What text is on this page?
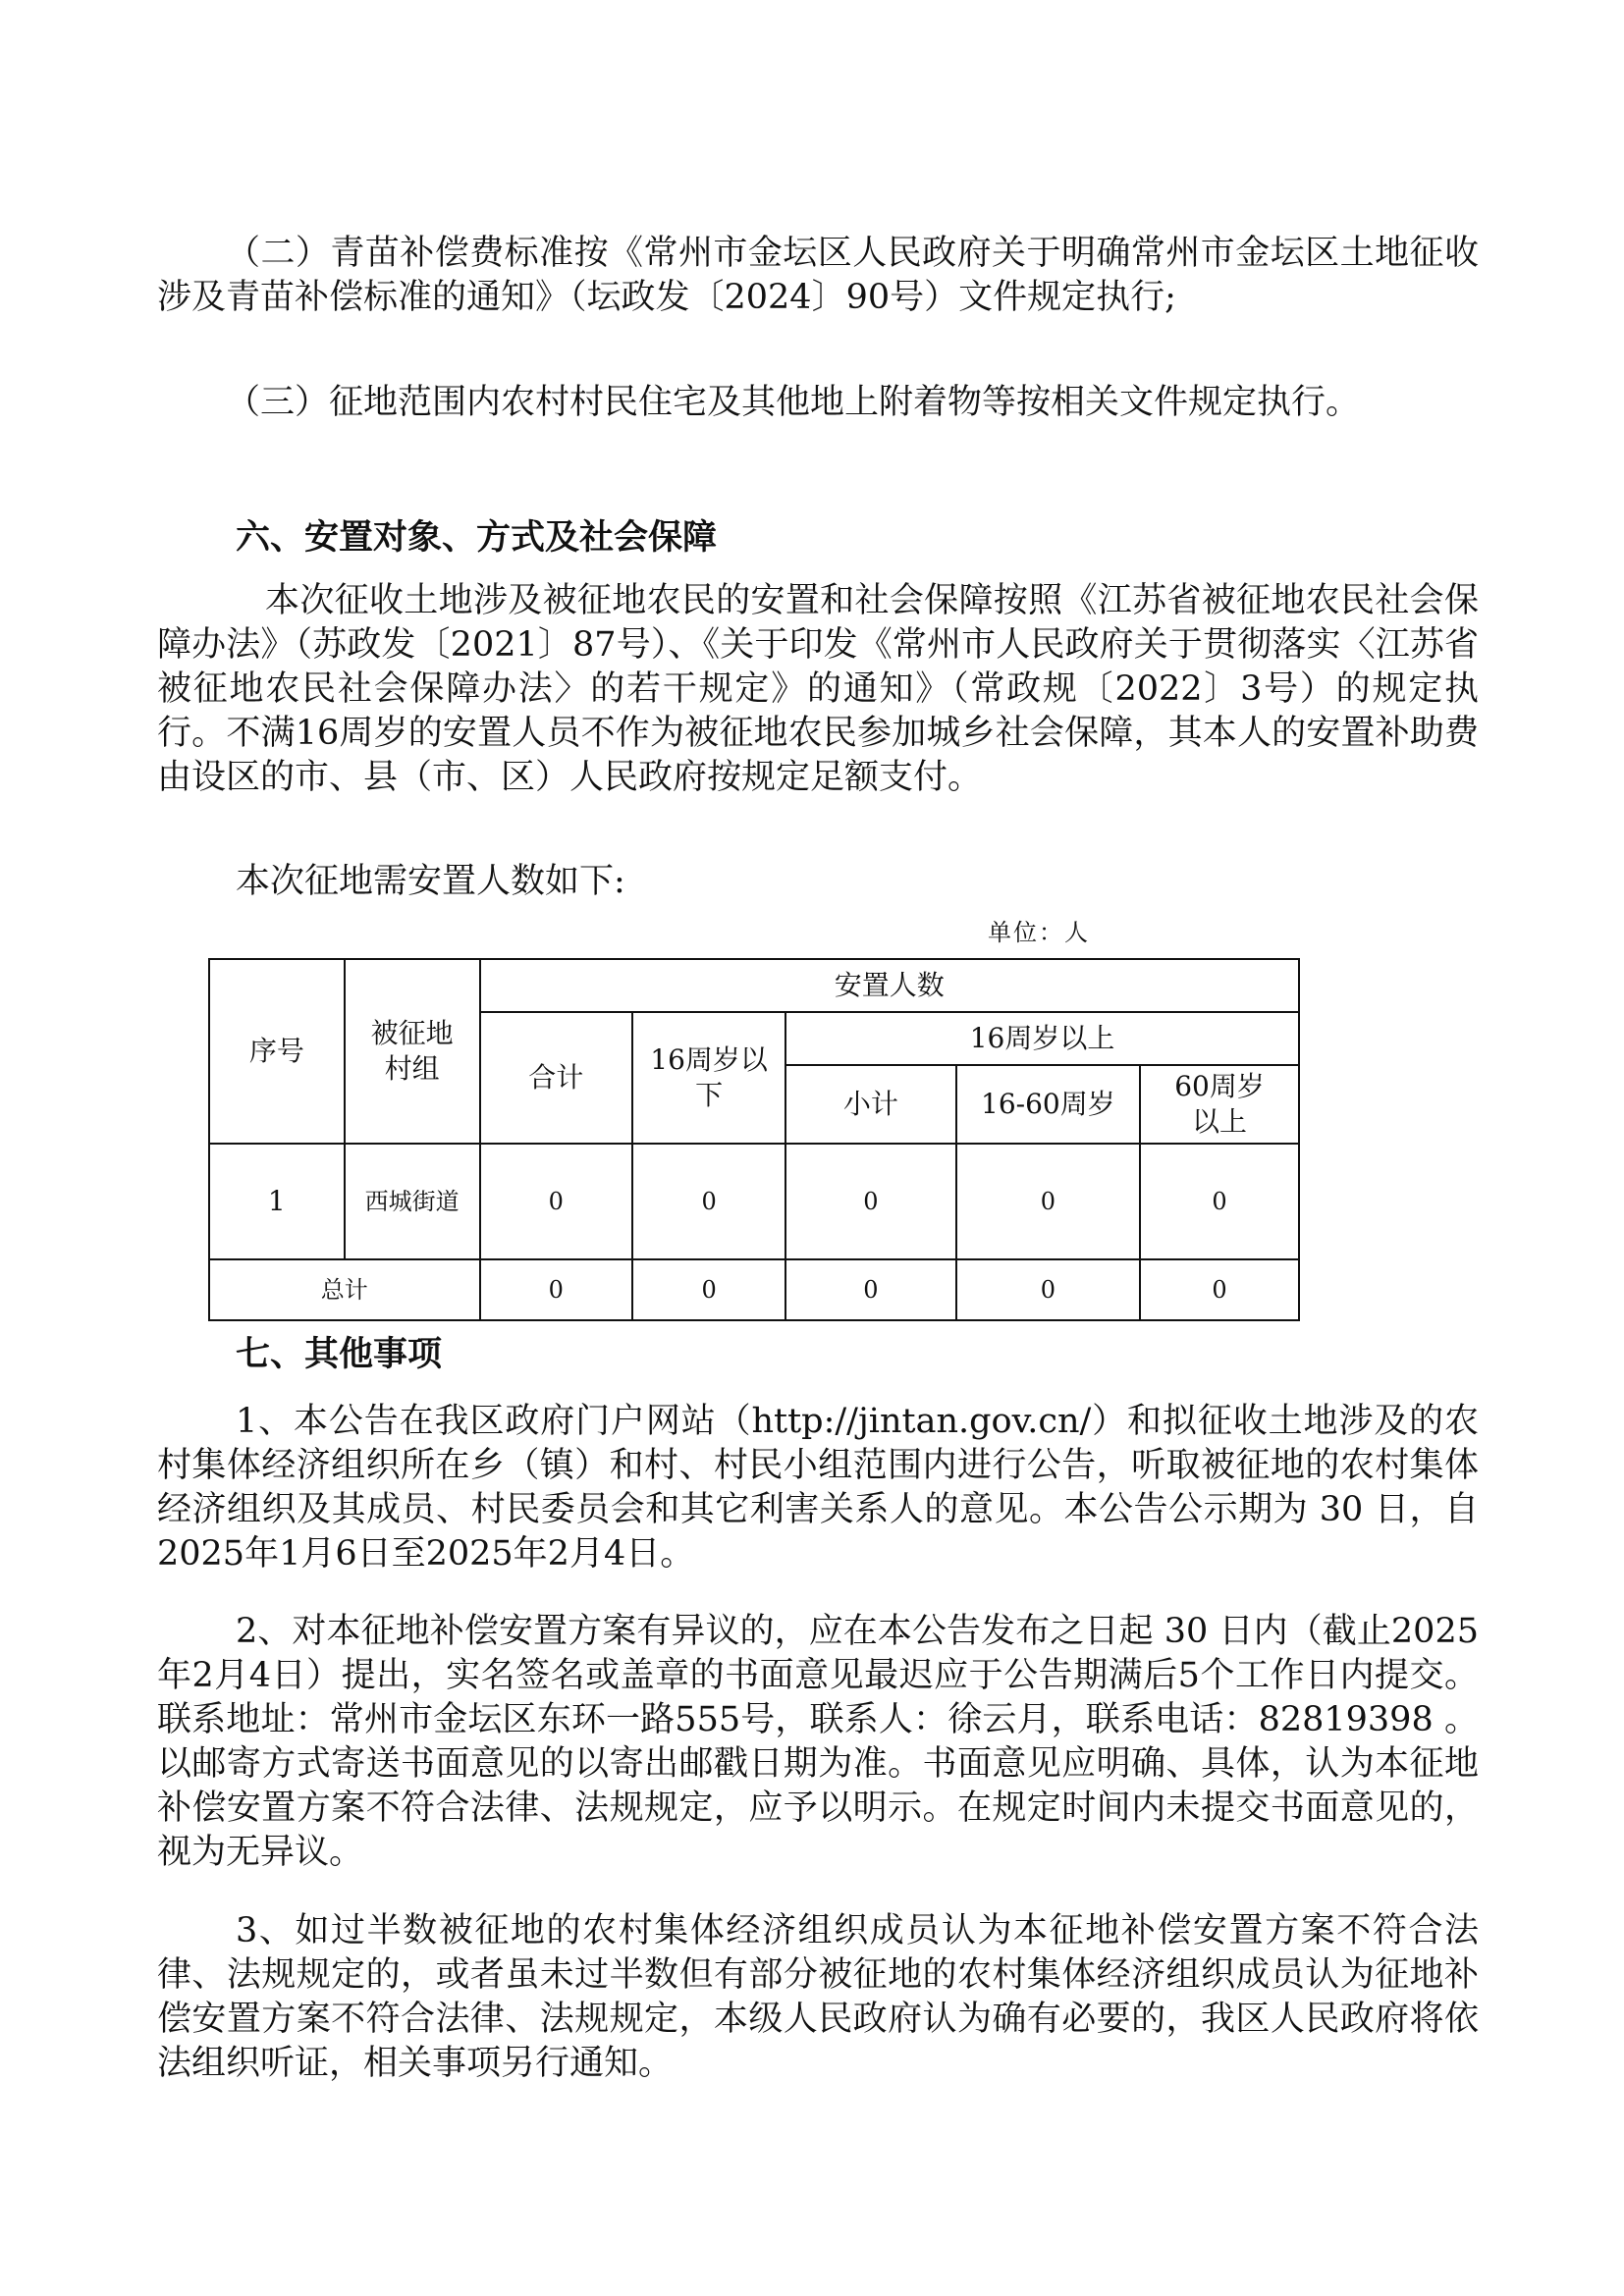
（二）青苗补偿费标准按《常州市金坛区人民政府关于明确常州市金坛区土地征收涉及青苗补偿标准的通知》（坛政发〔2024〕90号）文件规定执行;

（三）征地范围内农村村民住宅及其他地上附着物等按相关文件规定执行。

六、安置对象、方式及社会保障

本次征收土地涉及被征地农民的安置和社会保障按照《江苏省被征地农民社会保障办法》（苏政发〔2021〕87号）、《关于印发《常州市人民政府关于贯彻落实〈江苏省被征地农民社会保障办法〉的若干规定》的通知》（常政规〔2022〕3号）的规定执行。不满16周岁的安置人员不作为被征地农民参加城乡社会保障，其本人的安置补助费由设区的市、县（市、区）人民政府按规定足额支付。

本次征地需安置人数如下:

单位：人
序号	被征地村组	安置人数				
		合计	16周岁以下	16周岁以上		
				小计	16-60周岁	60周岁以上

1	西城街道	0	0	0	0	0
总计		0	0	0	0	0

七、其他事项

1、本公告在我区政府门户网站（http://jintan.gov.cn/）和拟征收土地涉及的农村集体经济组织所在乡（镇）和村、村民小组范围内进行公告，听取被征地的农村集体经济组织及其成员、村民委员会和其它利害关系人的意见。本公告公示期为 30 日，自2025年1月6日至2025年2月4日。

2、对本征地补偿安置方案有异议的，应在本公告发布之日起 30 日内（截止2025年2月4日）提出，实名签名或盖章的书面意见最迟应于公告期满后5个工作日内提交。联系地址：常州市金坛区东环一路555号，联系人：徐云月，联系电话：82819398 。以邮寄方式寄送书面意见的以寄出邮戳日期为准。书面意见应明确、具体，认为本征地补偿安置方案不符合法律、法规规定，应予以明示。在规定时间内未提交书面意见的，视为无异议。

3、如过半数被征地的农村集体经济组织成员认为本征地补偿安置方案不符合法律、法规规定的，或者虽未过半数但有部分被征地的农村集体经济组织成员认为征地补偿安置方案不符合法律、法规规定，本级人民政府认为确有必要的，我区人民政府将依法组织听证，相关事项另行通知。
